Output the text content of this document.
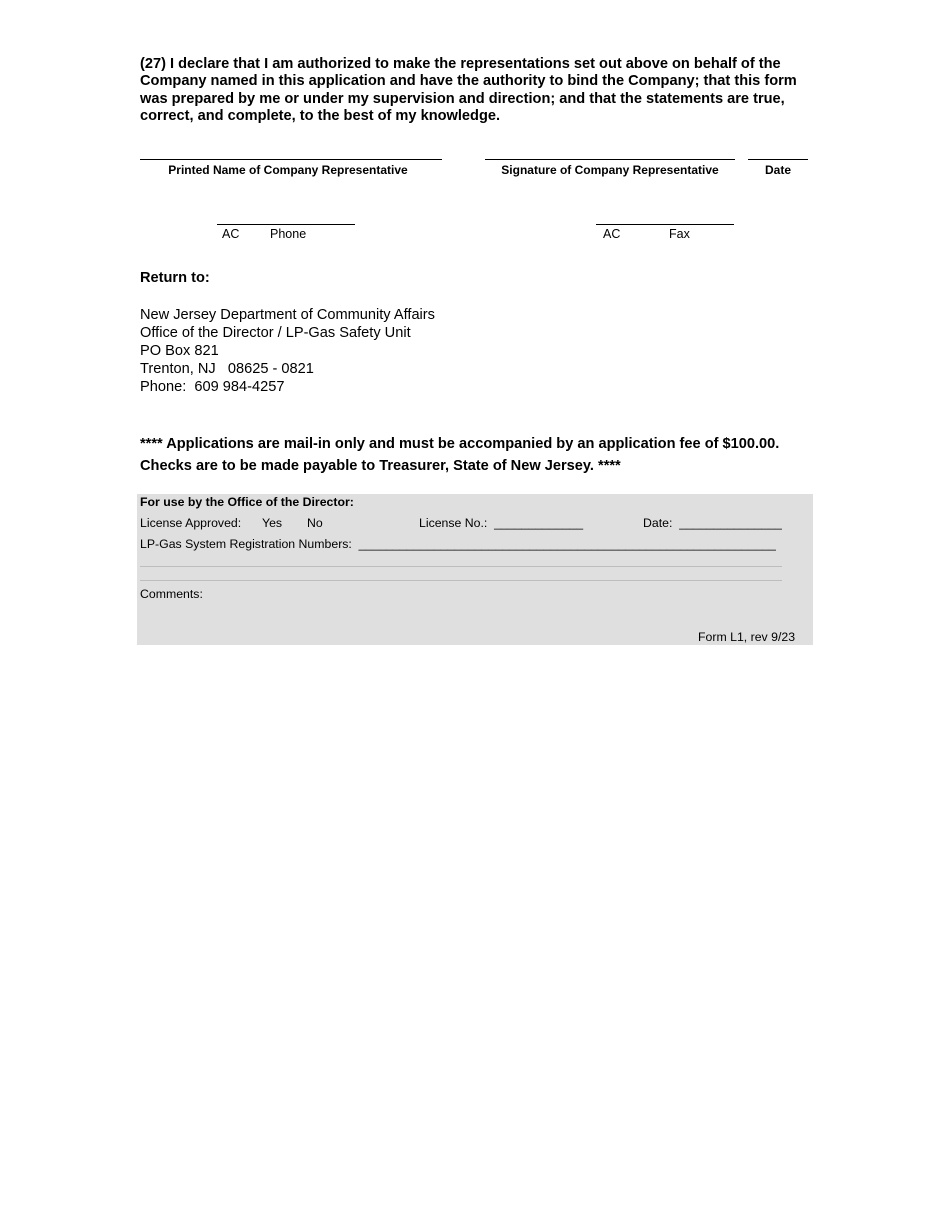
(27) I declare that I am authorized to make the representations set out above on behalf of the Company named in this application and have the authority to bind the Company; that this form was prepared by me or under my supervision and direction; and that the statements are true, correct, and complete, to the best of my knowledge.
Printed Name of Company Representative	Signature of Company Representative	Date
AC Phone	AC	Fax
Return to:
New Jersey Department of Community Affairs
Office of the Director / LP-Gas Safety Unit
PO Box 821
Trenton, NJ   08625 - 0821
Phone:  609 984-4257
**** Applications are mail-in only and must be accompanied by an application fee of $100.00. Checks are to be made payable to Treasurer, State of New Jersey. ****
For use by the Office of the Director:
License Approved: Yes No	License No.:  _____________	Date:  _______________
LP-Gas System Registration Numbers:  _____________________________________________________________
Comments:
Form L1, rev 9/23
